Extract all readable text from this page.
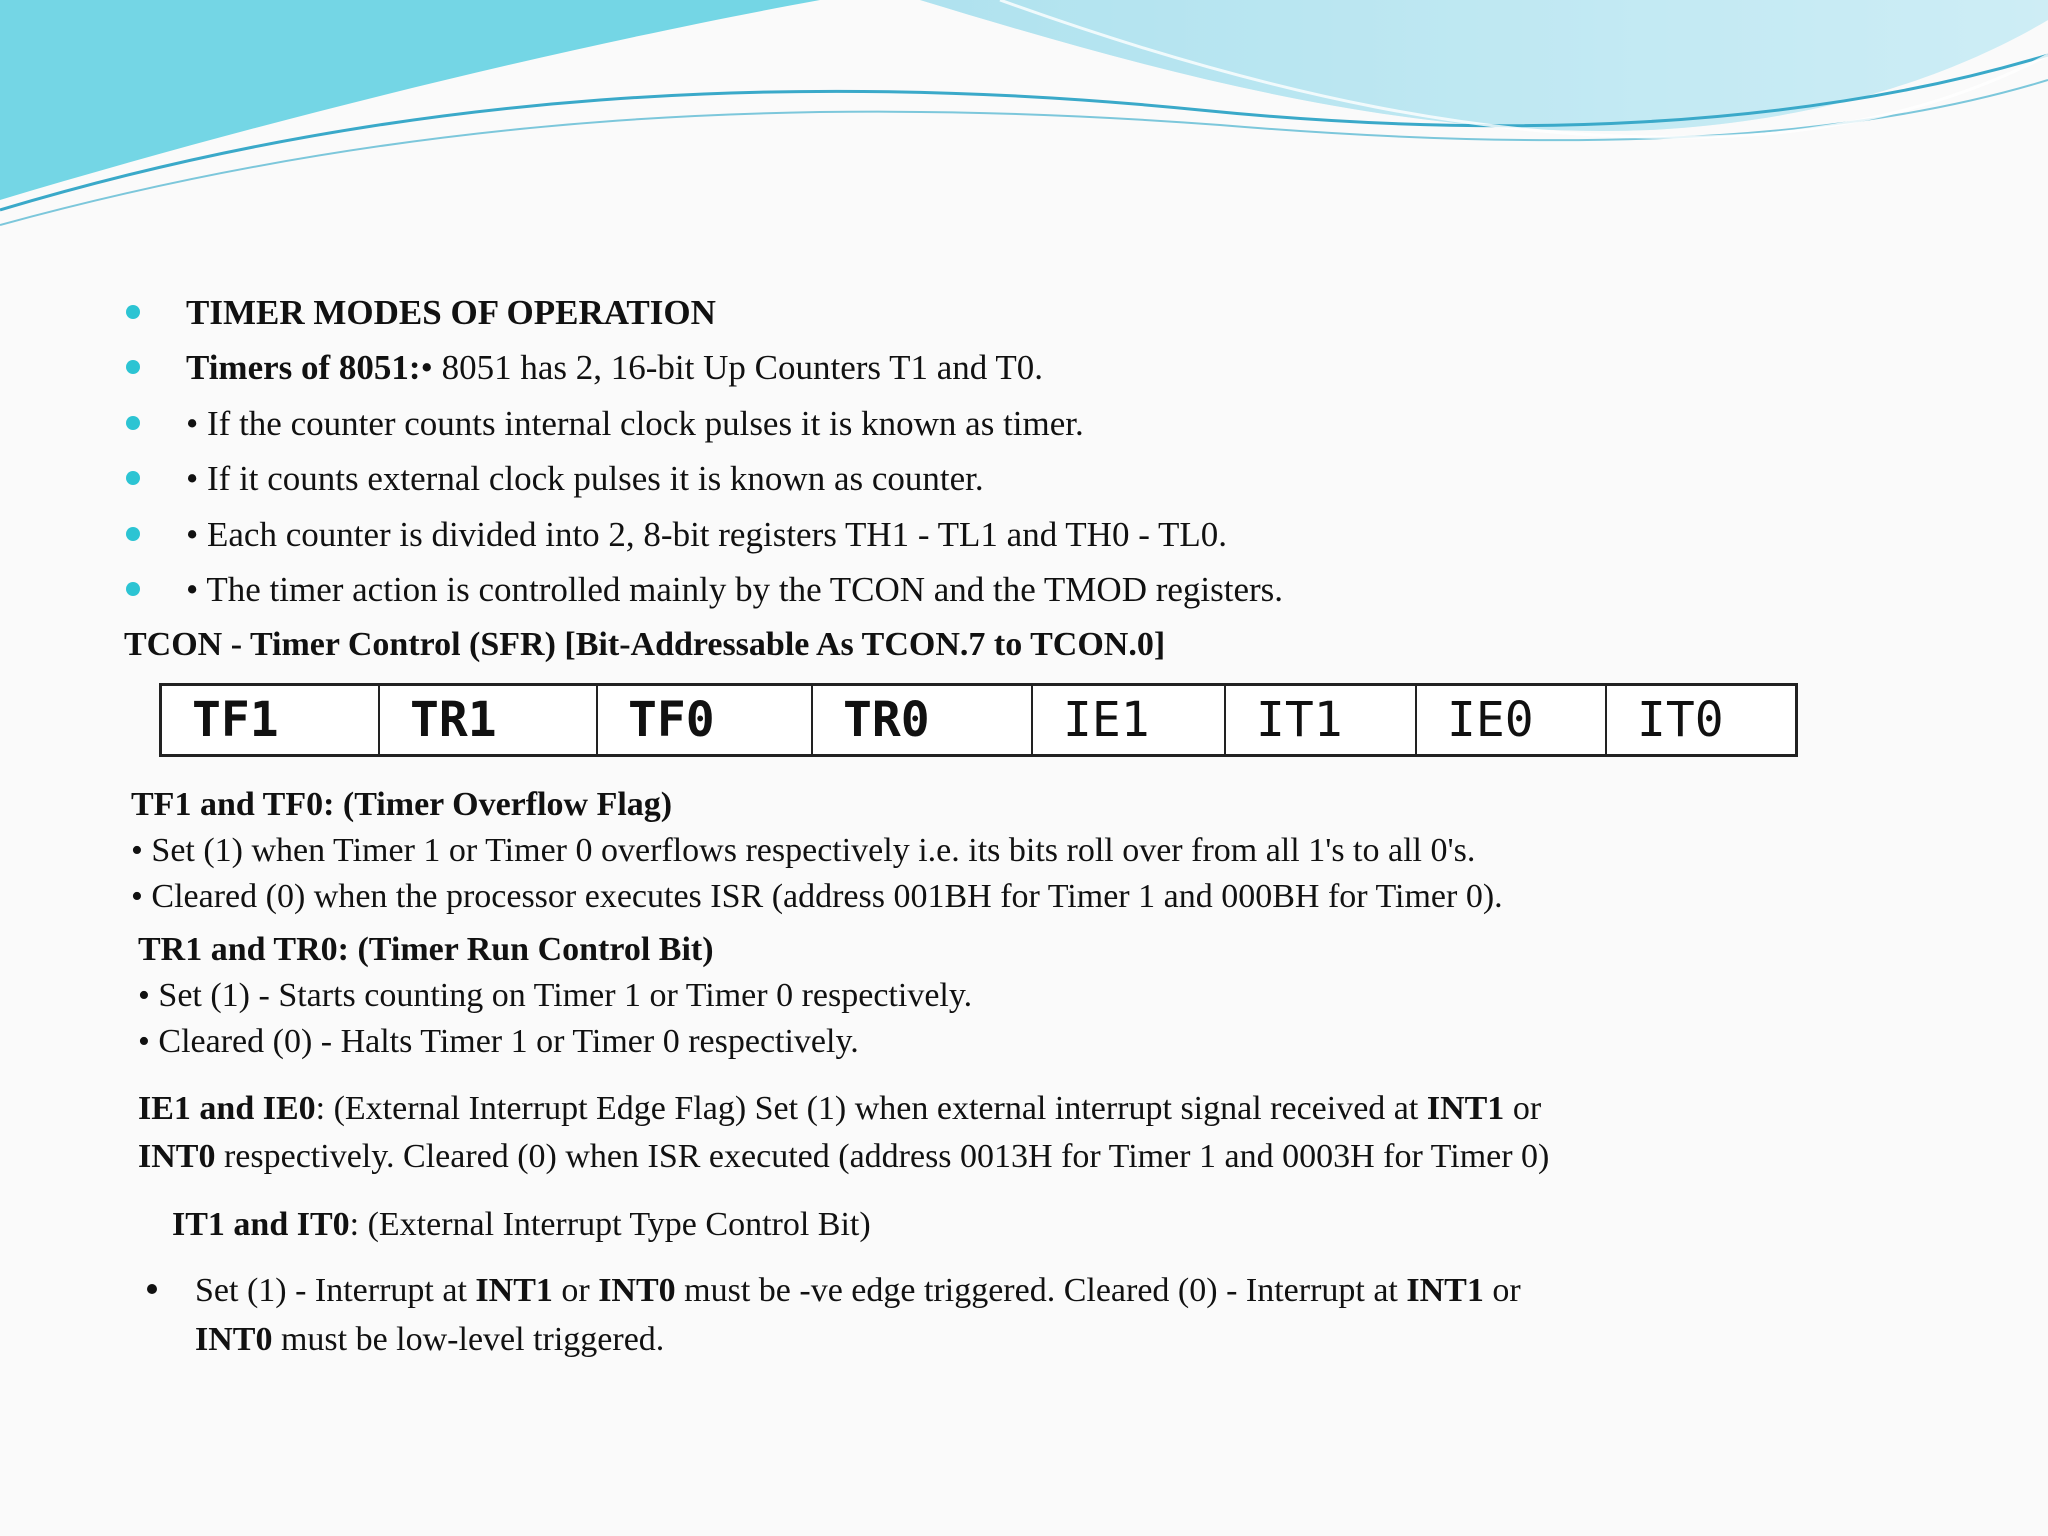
TIMER MODES OF OPERATION
Timers of 8051:• 8051 has 2, 16-bit Up Counters T1 and T0.
• If the counter counts internal clock pulses it is known as timer.
• If it counts external clock pulses it is known as counter.
• Each counter is divided into 2, 8-bit registers TH1 - TL1 and TH0 - TL0.
• The timer action is controlled mainly by the TCON and the TMOD registers.

TCON - Timer Control (SFR) [Bit-Addressable As TCON.7 to TCON.0]

TF1	TR1	TF0	TR0	IE1	IT1	IE0	IT0

TF1 and TF0: (Timer Overflow Flag)

• Set (1) when Timer 1 or Timer 0 overflows respectively i.e. its bits roll over from all 1's to all 0's.

• Cleared (0) when the processor executes ISR (address 001BH for Timer 1 and 000BH for Timer 0).

TR1 and TR0: (Timer Run Control Bit)

• Set (1) - Starts counting on Timer 1 or Timer 0 respectively.

• Cleared (0) - Halts Timer 1 or Timer 0 respectively.

IE1 and IE0: (External Interrupt Edge Flag) Set (1) when external interrupt signal received at INT1 or

INT0 respectively. Cleared (0) when ISR executed (address 0013H for Timer 1 and 0003H for Timer 0)

IT1 and IT0: (External Interrupt Type Control Bit)

Set (1) - Interrupt at INT1 or INT0 must be -ve edge triggered. Cleared (0) - Interrupt at INT1 or

INT0 must be low-level triggered.
